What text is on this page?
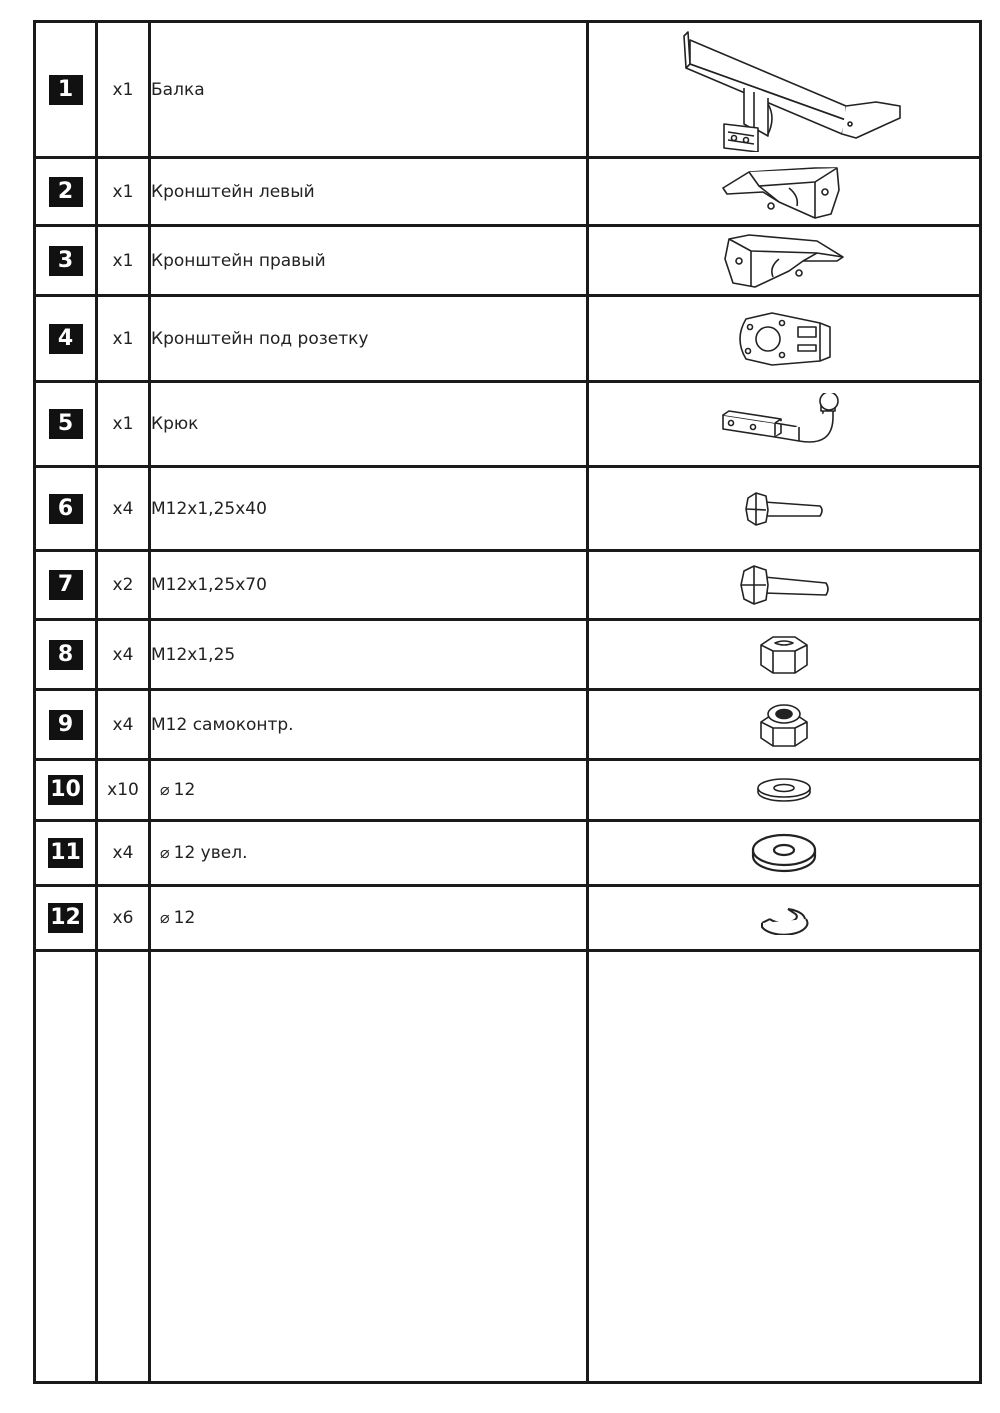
1	x1	Балка	

2	x1	Кронштейн левый	

3	x1	Кронштейн правый	

4	x1	Кронштейн под розетку	

5	x1	Крюк	

6	x4	M12x1,25x40	

7	x2	M12x1,25x70	

8	x4	M12x1,25	

9	x4	M12 самоконтр.	

10	x10	⌀ 12	

11	x4	⌀ 12 увел.	

12	x6	⌀ 12	
